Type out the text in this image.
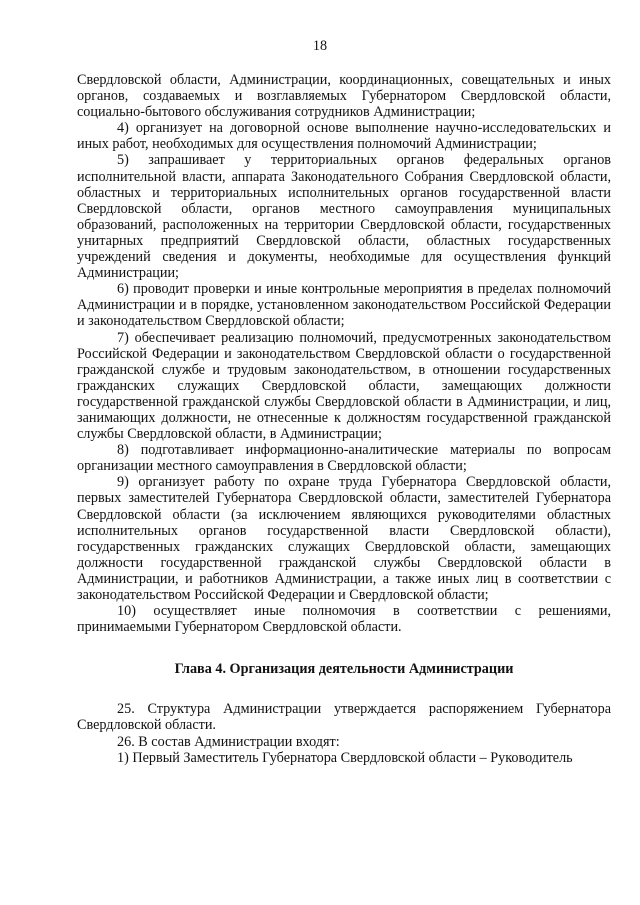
18

Свердловской области, Администрации, координационных, совещательных и иных органов, создаваемых и возглавляемых Губернатором Свердловской области, социально-бытового обслуживания сотрудников Администрации;

4) организует на договорной основе выполнение научно-исследовательских и иных работ, необходимых для осуществления полномочий Администрации;

5) запрашивает у территориальных органов федеральных органов исполнительной власти, аппарата Законодательного Собрания Свердловской области, областных и территориальных исполнительных органов государственной власти Свердловской области, органов местного самоуправления муниципальных образований, расположенных на территории Свердловской области, государственных унитарных предприятий Свердловской области, областных государственных учреждений сведения и документы, необходимые для осуществления функций Администрации;

6) проводит проверки и иные контрольные мероприятия в пределах полномочий Администрации и в порядке, установленном законодательством Российской Федерации и законодательством Свердловской области;

7) обеспечивает реализацию полномочий, предусмотренных законодательством Российской Федерации и законодательством Свердловской области о государственной гражданской службе и трудовым законодательством, в отношении государственных гражданских служащих Свердловской области, замещающих должности государственной гражданской службы Свердловской области в Администрации, и лиц, занимающих должности, не отнесенные к должностям государственной гражданской службы Свердловской области, в Администрации;

8) подготавливает информационно-аналитические материалы по вопросам организации местного самоуправления в Свердловской области;

9) организует работу по охране труда Губернатора Свердловской области, первых заместителей Губернатора Свердловской области, заместителей Губернатора Свердловской области (за исключением являющихся руководителями областных исполнительных органов государственной власти Свердловской области), государственных гражданских служащих Свердловской области, замещающих должности государственной гражданской службы Свердловской области в Администрации, и работников Администрации, а также иных лиц в соответствии с законодательством Российской Федерации и Свердловской области;

10) осуществляет иные полномочия в соответствии с решениями, принимаемыми Губернатором Свердловской области.

Глава 4. Организация деятельности Администрации

25. Структура Администрации утверждается распоряжением Губернатора Свердловской области.

26. В состав Администрации входят:

1) Первый Заместитель Губернатора Свердловской области – Руководитель
